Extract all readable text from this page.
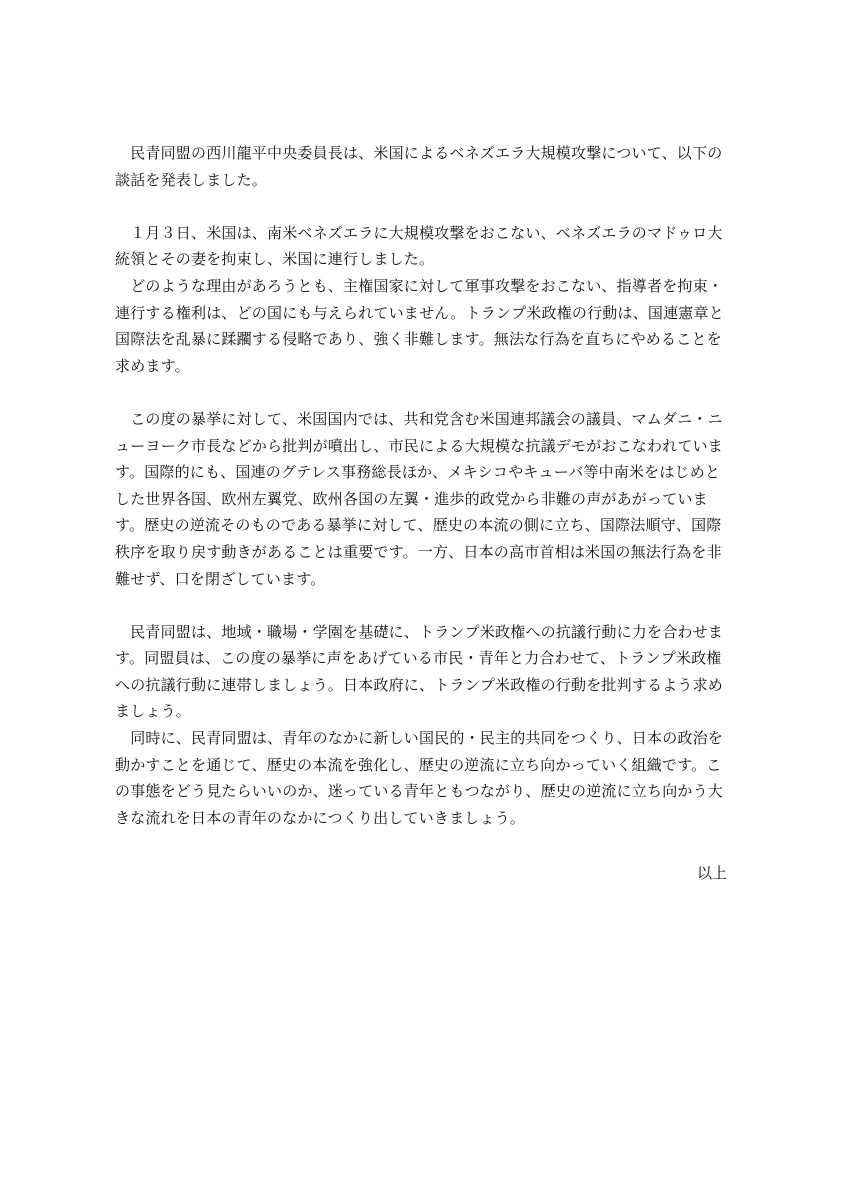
　民青同盟の西川龍平中央委員長は、米国によるベネズエラ大規模攻撃について、以下の
談話を発表しました。
　１月３日、米国は、南米ベネズエラに大規模攻撃をおこない、ベネズエラのマドゥロ大
統領とその妻を拘束し、米国に連行しました。
　どのような理由があろうとも、主権国家に対して軍事攻撃をおこない、指導者を拘束・
連行する権利は、どの国にも与えられていません。トランプ米政権の行動は、国連憲章と
国際法を乱暴に蹂躙する侵略であり、強く非難します。無法な行為を直ちにやめることを
求めます。
　この度の暴挙に対して、米国国内では、共和党含む米国連邦議会の議員、マムダニ・ニ
ューヨーク市長などから批判が噴出し、市民による大規模な抗議デモがおこなわれていま
す。国際的にも、国連のグテレス事務総長ほか、メキシコやキューバ等中南米をはじめと
した世界各国、欧州左翼党、欧州各国の左翼・進歩的政党から非難の声があがっていま
す。歴史の逆流そのものである暴挙に対して、歴史の本流の側に立ち、国際法順守、国際
秩序を取り戻す動きがあることは重要です。一方、日本の高市首相は米国の無法行為を非
難せず、口を閉ざしています。
　民青同盟は、地域・職場・学園を基礎に、トランプ米政権への抗議行動に力を合わせま
す。同盟員は、この度の暴挙に声をあげている市民・青年と力合わせて、トランプ米政権
への抗議行動に連帯しましょう。日本政府に、トランプ米政権の行動を批判するよう求め
ましょう。
　同時に、民青同盟は、青年のなかに新しい国民的・民主的共同をつくり、日本の政治を
動かすことを通じて、歴史の本流を強化し、歴史の逆流に立ち向かっていく組織です。こ
の事態をどう見たらいいのか、迷っている青年ともつながり、歴史の逆流に立ち向かう大
きな流れを日本の青年のなかにつくり出していきましょう。
以上
